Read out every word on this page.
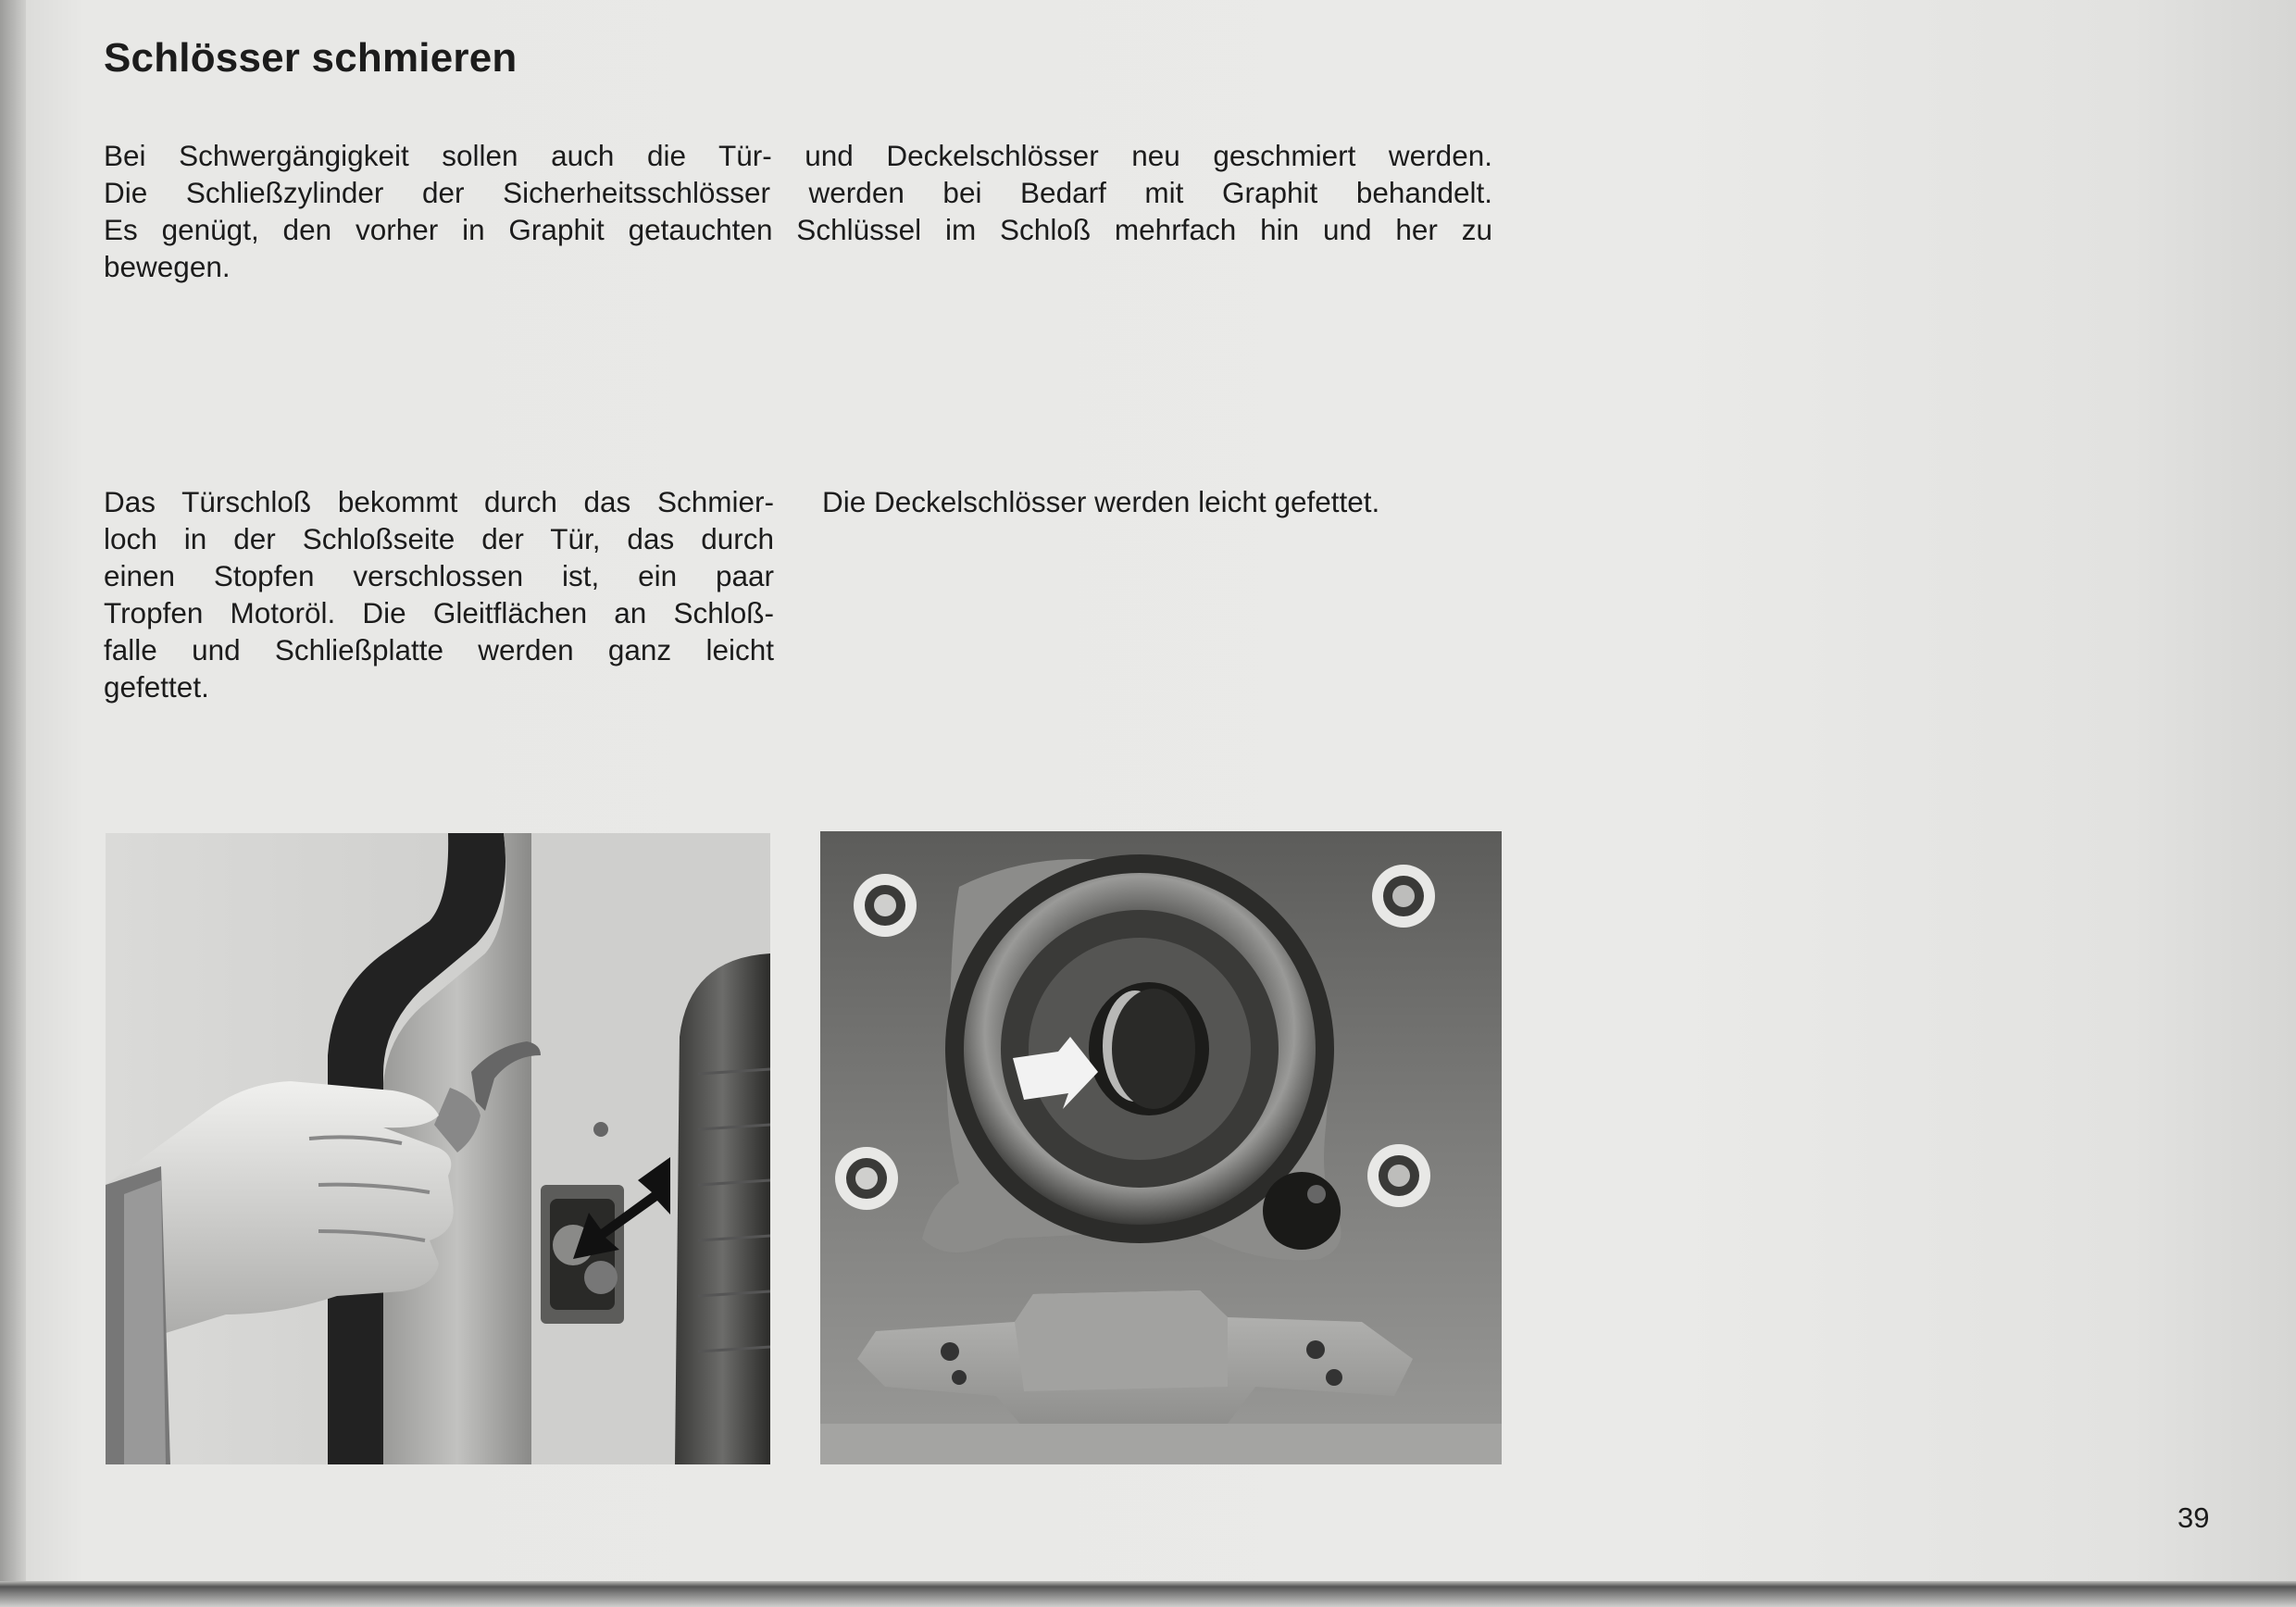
Schlösser schmieren
Bei Schwergängigkeit sollen auch die Tür- und Deckelschlösser neu geschmiert werden.
Die Schließzylinder der Sicherheitsschlösser werden bei Bedarf mit Graphit behandelt.
Es genügt, den vorher in Graphit getauchten Schlüssel im Schloß mehrfach hin und her zu
bewegen.
Das Türschloß bekommt durch das Schmier-
loch in der Schloßseite der Tür, das durch
einen Stopfen verschlossen ist, ein paar
Tropfen Motoröl. Die Gleitflächen an Schloß-
falle und Schließplatte werden ganz leicht
gefettet.
Die Deckelschlösser werden leicht gefettet.
39
